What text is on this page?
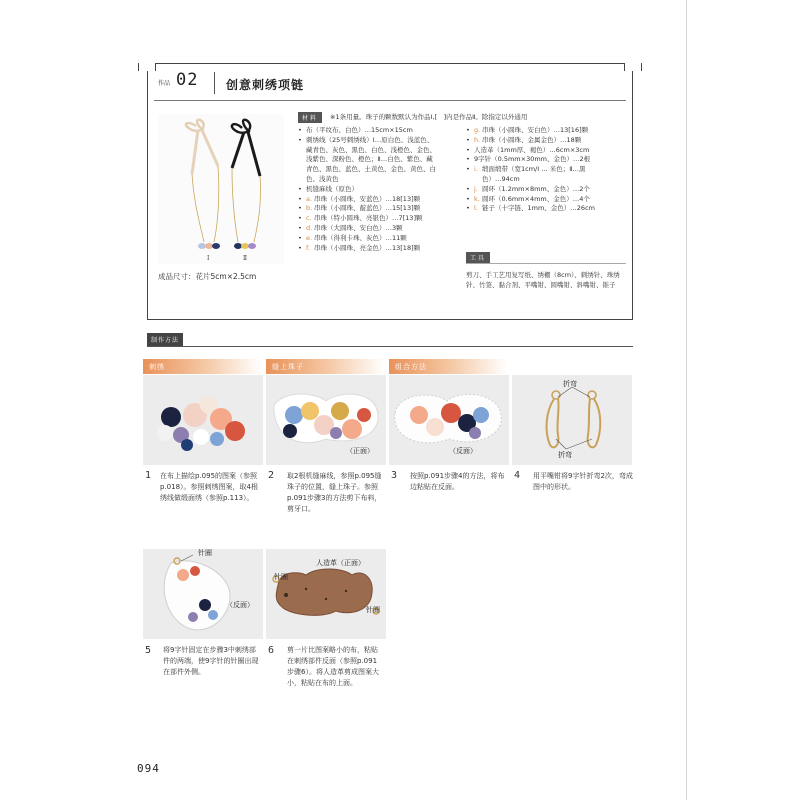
作品 02 创意刺绣项链
Ⅰ	Ⅱ
成品尺寸：花片5cm×2.5cm
材料	※1条用量。珠子的颗数默认为作品Ⅰ,[　]内是作品Ⅱ。除指定以外通用
• 布（平纹布、白色）…15cm×15cm
• 刺绣线（25号刺绣线）Ⅰ…原白色、浅蓝色、
藏青色、灰色、黑色、白色、浅橙色、金色、
浅紫色、深粉色、橙色；Ⅱ…白色、紫色、藏
青色、黑色、蓝色、土黄色、金色、黄色、白
色、浅黄色
• 机缝麻线（原色）
• a. 串珠（小圆珠、安蓝色）…18[13]颗
• b. 串珠（小圆珠、靛蓝色）…15[13]颗
• c. 串珠（特小圆珠、亮银色）…7[13]颗
• d. 串珠（大圆珠、安白色）…3颗
• e. 串珠（得利卡珠、灰色）…11颗
• f. 串珠（小圆珠、亮金色）…13[18]颗
• g. 串珠（小圆珠、安白色）…13[16]颗
• h. 串珠（小圆珠、金属金色）…18颗
• 人造革（1mm厚、褐色）…6cm×3cm
• 9字针（0.5mm×30mm、金色）…2根
• i. 缎面缎带（宽1cm/Ⅰ … 米色；Ⅱ…黑
色）…94cm
• j. 圆环（1.2mm×8mm、金色）…2个
• k. 圆环（0.6mm×4mm、金色）…4个
• l. 链子（十字链、1mm、金色）…26cm
工具
剪刀、手工艺用复写纸、绣棚（8cm）、刺绣针、珠绣针、竹签、黏合剂、平嘴钳、圆嘴钳、斜嘴钳、锥子
制作方法
刺绣	缝上珠子	组合方法
（正面）	（反面）
折弯
折弯
1 在布上描绘p.095的图案（参照p.018）。参照刺绣图案，取4根绣线做缎面绣（参照p.113）。
2 取2根机缝麻线，参照p.095缝珠子的位置，缝上珠子。参照p.091步骤3的方法剪下布料，剪牙口。
3 按照p.091步骤4的方法，将布边粘贴在反面。
4 用平嘴钳将9字针折弯2次，弯成图中的形状。
针圈
（反面）
人造革（正面）
针圈
针圈
5 将9字针固定在步骤3中刺绣部件的两端，使9字针的针圈出现在部件外侧。
6 剪一片比图案略小的布，粘贴在刺绣部件反面（参照p.091步骤6）。将人造革剪成图案大小，粘贴在布的上面。
094
